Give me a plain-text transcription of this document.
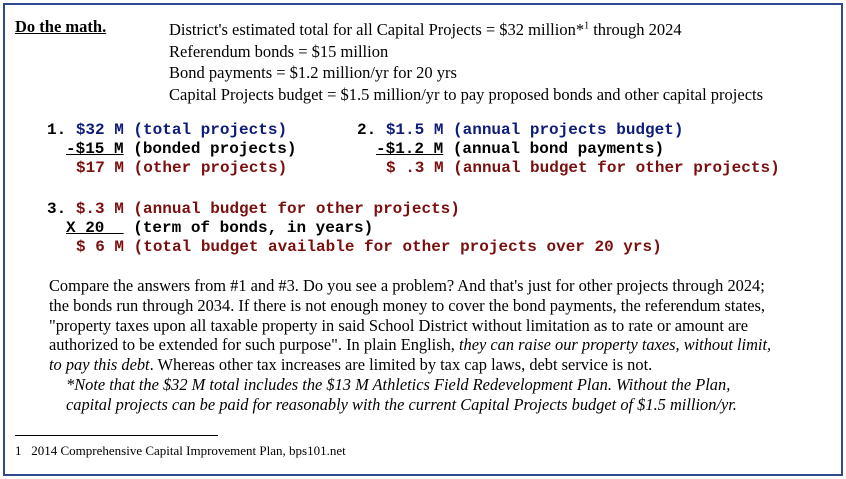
Do the math.	District's estimated total for all Capital Projects = $32 million*$^1$ through 2024
Referendum bonds = $15 million
Bond payments = $1.2 million/yr for 20 yrs
Capital Projects budget = $1.5 million/yr to pay proposed bonds and other capital projects
1. $32 M (total projects)
-$15 M (bonded projects)
$17 M (other projects)
2. $1.5 M (annual projects budget)
-$1.2 M (annual bond payments)
$ .3 M (annual budget for other projects)
3. $.3 M (annual budget for other projects)
X 20   (term of bonds, in years)
$ 6 M (total budget available for other projects over 20 yrs)
Compare the answers from #1 and #3. Do you see a problem? And that's just for other projects through 2024;
the bonds run through 2034. If there is not enough money to cover the bond payments, the referendum states,
"property taxes upon all taxable property in said School District without limitation as to rate or amount are
authorized to be extended for such purpose". In plain English, they can raise our property taxes, without limit,
to pay this debt. Whereas other tax increases are limited by tax cap laws, debt service is not.
*Note that the $32 M total includes the $13 M Athletics Field Redevelopment Plan. Without the Plan,
capital projects can be paid for reasonably with the current Capital Projects budget of $1.5 million/yr.
1 2014 Comprehensive Capital Improvement Plan, bps101.net
